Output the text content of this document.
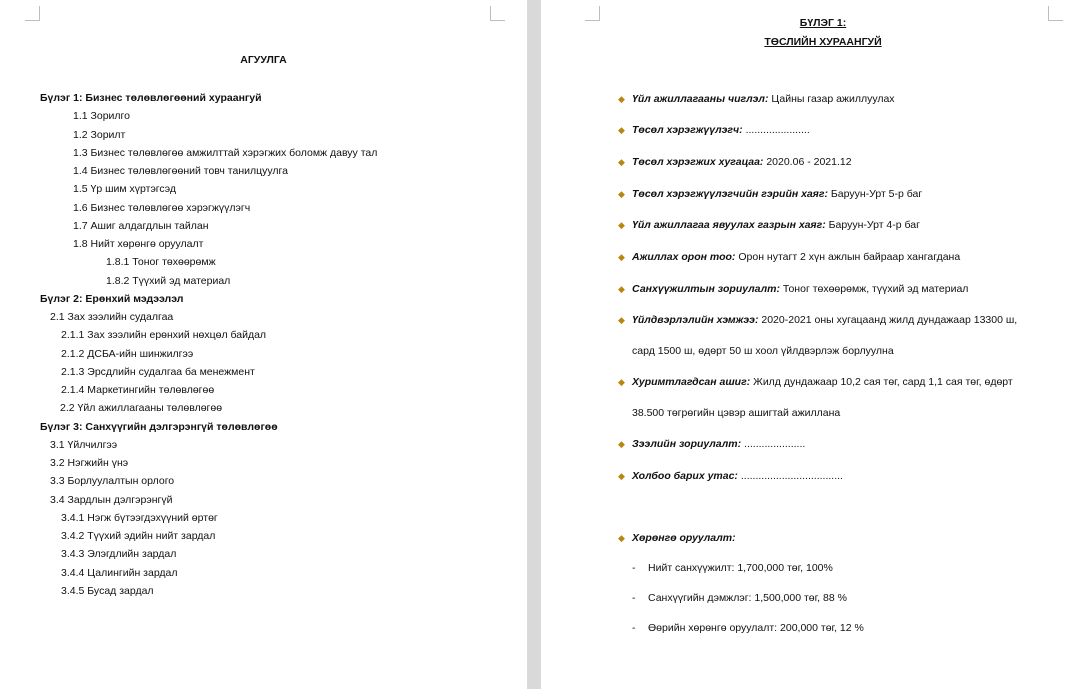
АГУУЛГА
Бүлэг 1: Бизнес төлөвлөгөөний хураангуй
1.1 Зорилго
1.2 Зорилт
1.3 Бизнес төлөвлөгөө амжилттай хэрэгжих боломж давуу тал
1.4 Бизнес төлөвлөгөөний товч танилцуулга
1.5 Үр шим хүртэгсэд
1.6 Бизнес төлөвлөгөө хэрэгжүүлэгч
1.7 Ашиг алдагдлын тайлан
1.8 Нийт хөрөнгө оруулалт
1.8.1 Тоног төхөөрөмж
1.8.2 Түүхий эд материал
Бүлэг 2: Ерөнхий мэдээлэл
2.1 Зах зээлийн судалгаа
2.1.1 Зах зээлийн ерөнхий нөхцөл байдал
2.1.2 ДСБА-ийн шинжилгээ
2.1.3 Эрсдлийн судалгаа ба менежмент
2.1.4 Маркетингийн төлөвлөгөө
2.2 Үйл ажиллагааны төлөвлөгөө
Бүлэг 3: Санхүүгийн дэлгэрэнгүй төлөвлөгөө
3.1 Үйлчилгээ
3.2 Нэгжийн үнэ
3.3 Борлуулалтын орлого
3.4 Зардлын дэлгэрэнгүй
3.4.1 Нэгж бүтээгдэхүүний өртөг
3.4.2 Түүхий эдийн нийт зардал
3.4.3 Элэгдлийн зардал
3.4.4 Цалингийн зардал
3.4.5 Бусад зардал
БҮЛЭГ 1:
ТӨСЛИЙН ХУРААНГУЙ
◆ Үйл ажиллагааны чиглэл: Цайны газар ажиллуулах
◆ Төсөл хэрэгжүүлэгч: ......................
◆ Төсөл хэрэгжих хугацаа: 2020.06 - 2021.12
◆ Төсөл хэрэгжүүлэгчийн гэрийн хаяг: Баруун-Урт 5-р баг
◆ Үйл ажиллагаа явуулах газрын хаяг: Баруун-Урт 4-р баг
◆ Ажиллах орон тоо: Орон нутагт 2 хүн ажлын байраар хангагдана
◆ Санхүүжилтын зориулалт: Тоног төхөөрөмж, түүхий эд материал
◆ Үйлдвэрлэлийн хэмжээ: 2020-2021 оны хугацаанд жилд дундажаар 13300 ш,
сард 1500 ш, өдөрт 50 ш хоол үйлдвэрлэж борлуулна
◆ Хуримтлагдсан ашиг: Жилд дундажаар 10,2 сая төг, сард 1,1 сая төг, өдөрт
38.500 төгрөгийн цэвэр ашигтай ажиллана
◆ Зээлийн зориулалт: .....................
◆ Холбоо барих утас: ...................................
◆ Хөрөнгө оруулалт:
- Нийт санхүүжилт: 1,700,000 төг, 100%
- Санхүүгийн дэмжлэг: 1,500,000 төг, 88 %
- Өөрийн хөрөнгө оруулалт: 200,000 төг, 12 %
